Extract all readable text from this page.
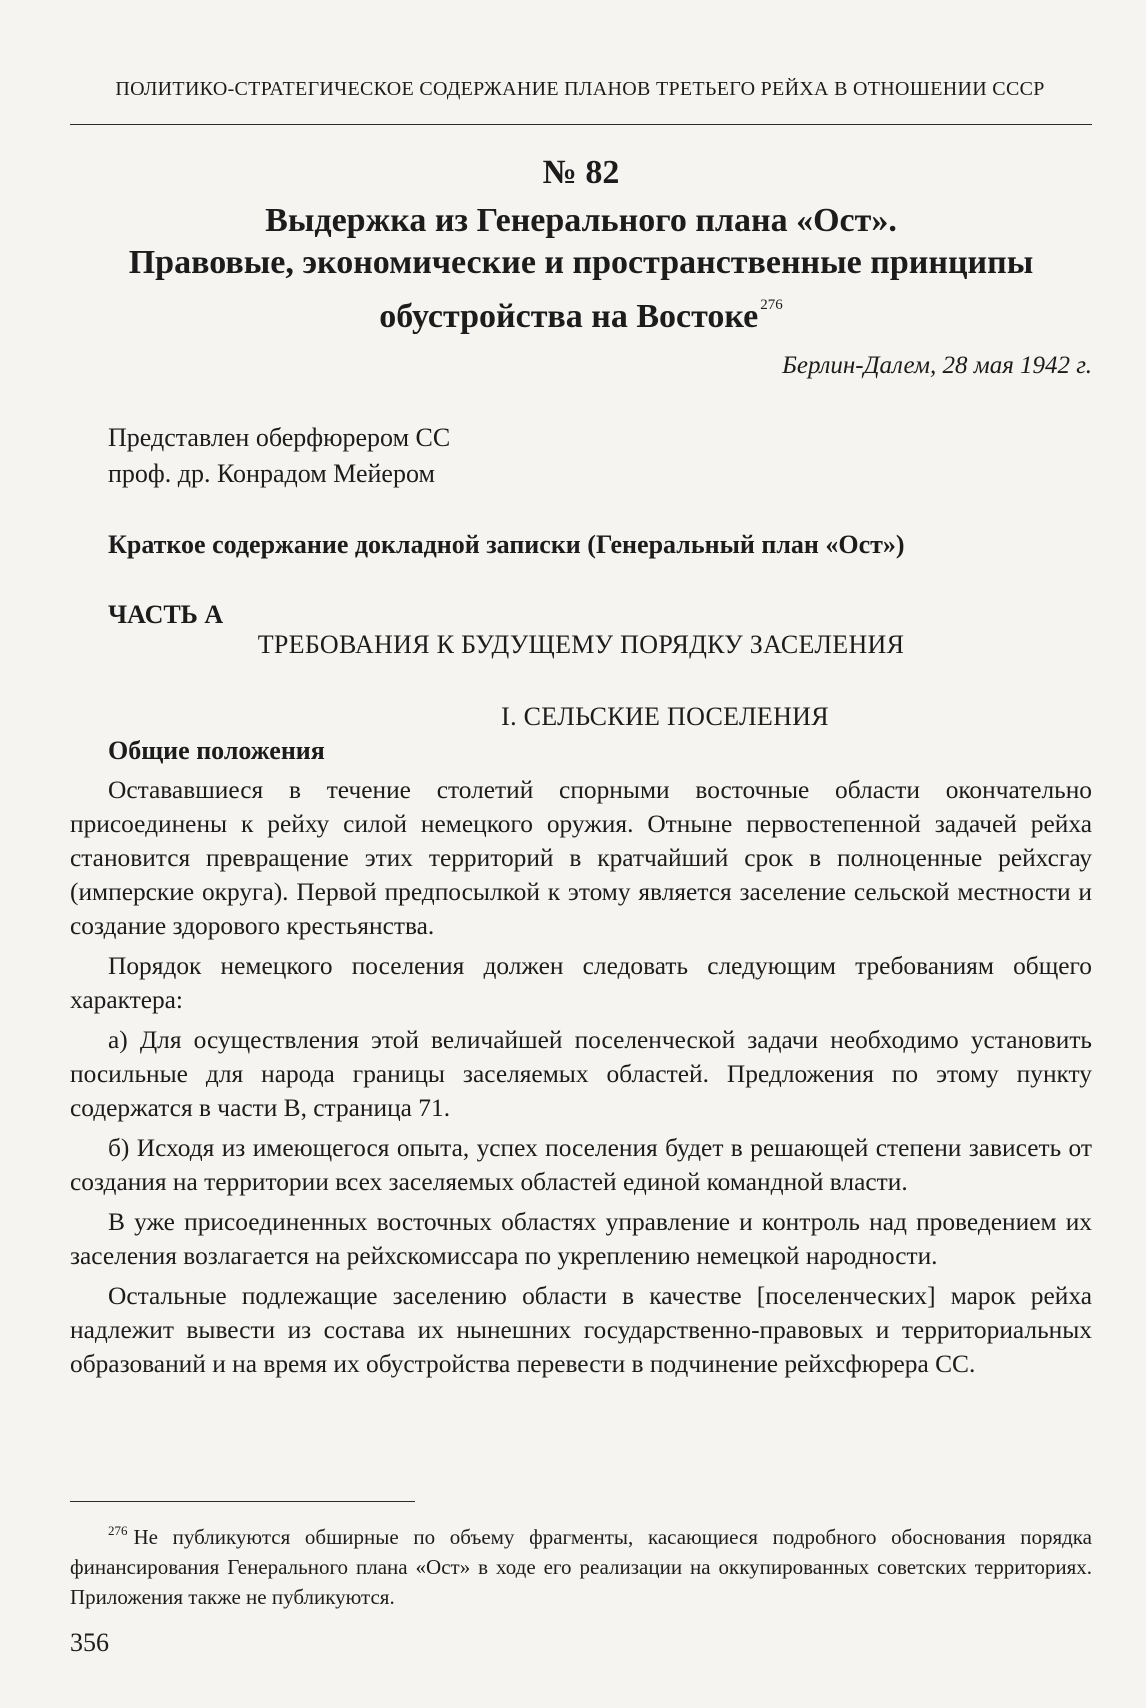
ПОЛИТИКО-СТРАТЕГИЧЕСКОЕ СОДЕРЖАНИЕ ПЛАНОВ ТРЕТЬЕГО РЕЙХА В ОТНОШЕНИИ СССР
№ 82
Выдержка из Генерального плана «Ост».
Правовые, экономические и пространственные принципы
обустройства на Востоке $^{276}$
Берлин-Далем, 28 мая 1942 г.
Представлен оберфюрером СС
проф. др. Конрадом Мейером
Краткое содержание докладной записки (Генеральный план «Ост»)
ЧАСТЬ А
ТРЕБОВАНИЯ К БУДУЩЕМУ ПОРЯДКУ ЗАСЕЛЕНИЯ
I. СЕЛЬСКИЕ ПОСЕЛЕНИЯ
Общие положения

Остававшиеся в течение столетий спорными восточные области окончательно присоединены к рейху силой немецкого оружия. Отныне первостепенной задачей рейха становится превращение этих территорий в кратчайший срок в полноценные рейхсгау (имперские округа). Первой предпосылкой к этому является заселение сельской местности и создание здорового крестьянства.

Порядок немецкого поселения должен следовать следующим требованиям общего характера:

а) Для осуществления этой величайшей поселенческой задачи необходимо установить посильные для народа границы заселяемых областей. Предложения по этому пункту содержатся в части B, страница 71.

б) Исходя из имеющегося опыта, успех поселения будет в решающей степени зависеть от создания на территории всех заселяемых областей единой командной власти.

В уже присоединенных восточных областях управление и контроль над проведением их заселения возлагается на рейхскомиссара по укреплению немецкой народности.

Остальные подлежащие заселению области в качестве [поселенческих] марок рейха надлежит вывести из состава их нынешних государственно-правовых и территориальных образований и на время их обустройства перевести в подчинение рейхсфюрера СС.

$^{276}$ Не публикуются обширные по объему фрагменты, касающиеся подробного обоснования порядка финансирования Генерального плана «Ост» в ходе его реализации на оккупированных советских территориях. Приложения также не публикуются.
356
